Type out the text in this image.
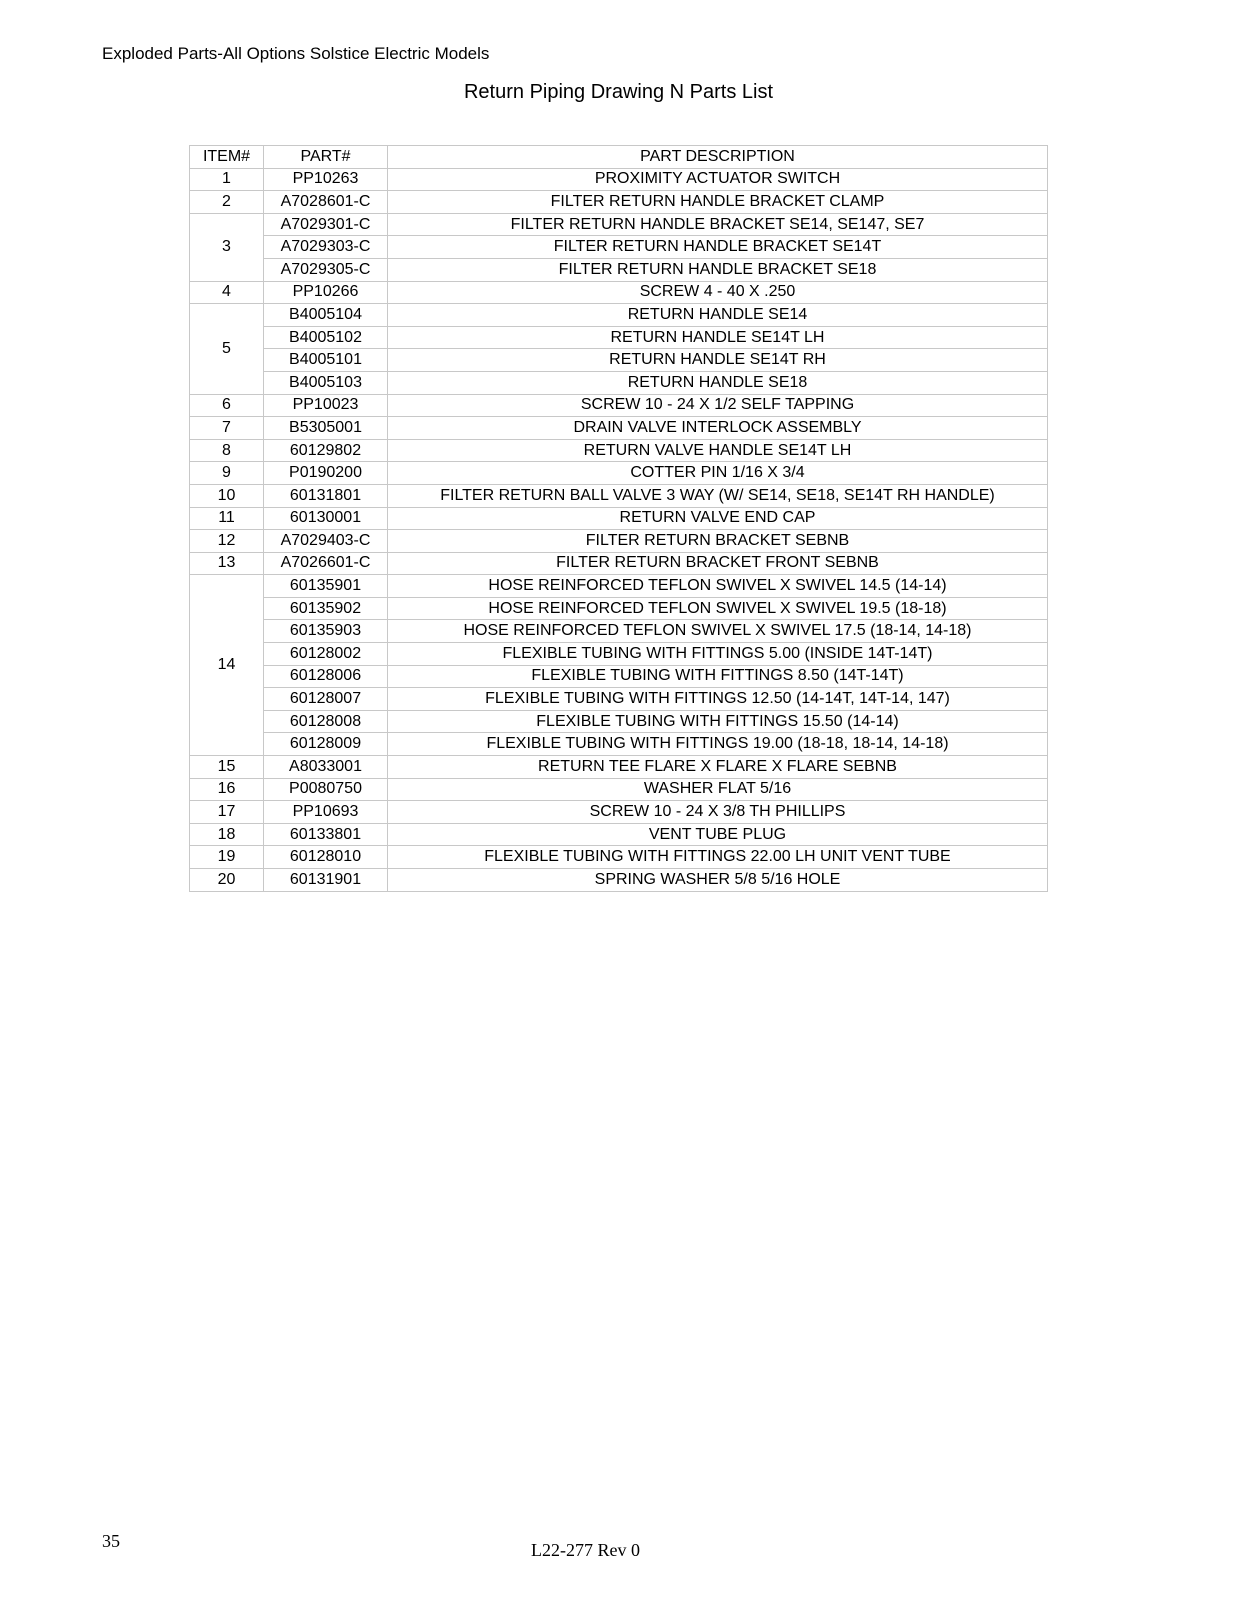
Exploded Parts-All Options Solstice Electric Models
Return Piping Drawing N Parts List
ITEM#	PART#	PART DESCRIPTION
1	PP10263	PROXIMITY ACTUATOR SWITCH
2	A7028601-C	FILTER RETURN HANDLE BRACKET CLAMP
3	A7029301-C	FILTER RETURN HANDLE BRACKET SE14, SE147, SE7
	A7029303-C	FILTER RETURN HANDLE BRACKET SE14T
	A7029305-C	FILTER RETURN HANDLE BRACKET SE18
4	PP10266	SCREW 4 - 40 X .250
5	B4005104	RETURN HANDLE SE14
	B4005102	RETURN HANDLE SE14T LH
	B4005101	RETURN HANDLE SE14T RH
	B4005103	RETURN HANDLE SE18
6	PP10023	SCREW 10 - 24 X 1/2 SELF TAPPING
7	B5305001	DRAIN VALVE INTERLOCK ASSEMBLY
8	60129802	RETURN VALVE HANDLE SE14T LH
9	P0190200	COTTER PIN 1/16 X 3/4
10	60131801	FILTER RETURN BALL VALVE 3 WAY (W/ SE14, SE18, SE14T RH HANDLE)
11	60130001	RETURN VALVE END CAP
12	A7029403-C	FILTER RETURN BRACKET SEBNB
13	A7026601-C	FILTER RETURN BRACKET FRONT SEBNB
14	60135901	HOSE REINFORCED TEFLON SWIVEL X SWIVEL 14.5 (14-14)
	60135902	HOSE REINFORCED TEFLON SWIVEL X SWIVEL 19.5 (18-18)
	60135903	HOSE REINFORCED TEFLON SWIVEL X SWIVEL 17.5 (18-14, 14-18)
	60128002	FLEXIBLE TUBING WITH FITTINGS 5.00 (INSIDE 14T-14T)
	60128006	FLEXIBLE TUBING WITH FITTINGS 8.50 (14T-14T)
	60128007	FLEXIBLE TUBING WITH FITTINGS 12.50 (14-14T, 14T-14, 147)
	60128008	FLEXIBLE TUBING WITH FITTINGS 15.50 (14-14)
	60128009	FLEXIBLE TUBING WITH FITTINGS 19.00 (18-18, 18-14, 14-18)
15	A8033001	RETURN TEE FLARE X FLARE X FLARE SEBNB
16	P0080750	WASHER FLAT 5/16
17	PP10693	SCREW 10 - 24 X 3/8 TH PHILLIPS
18	60133801	VENT TUBE PLUG
19	60128010	FLEXIBLE TUBING WITH FITTINGS 22.00 LH UNIT VENT TUBE
20	60131901	SPRING WASHER 5/8 5/16 HOLE
35	L22-277 Rev 0
